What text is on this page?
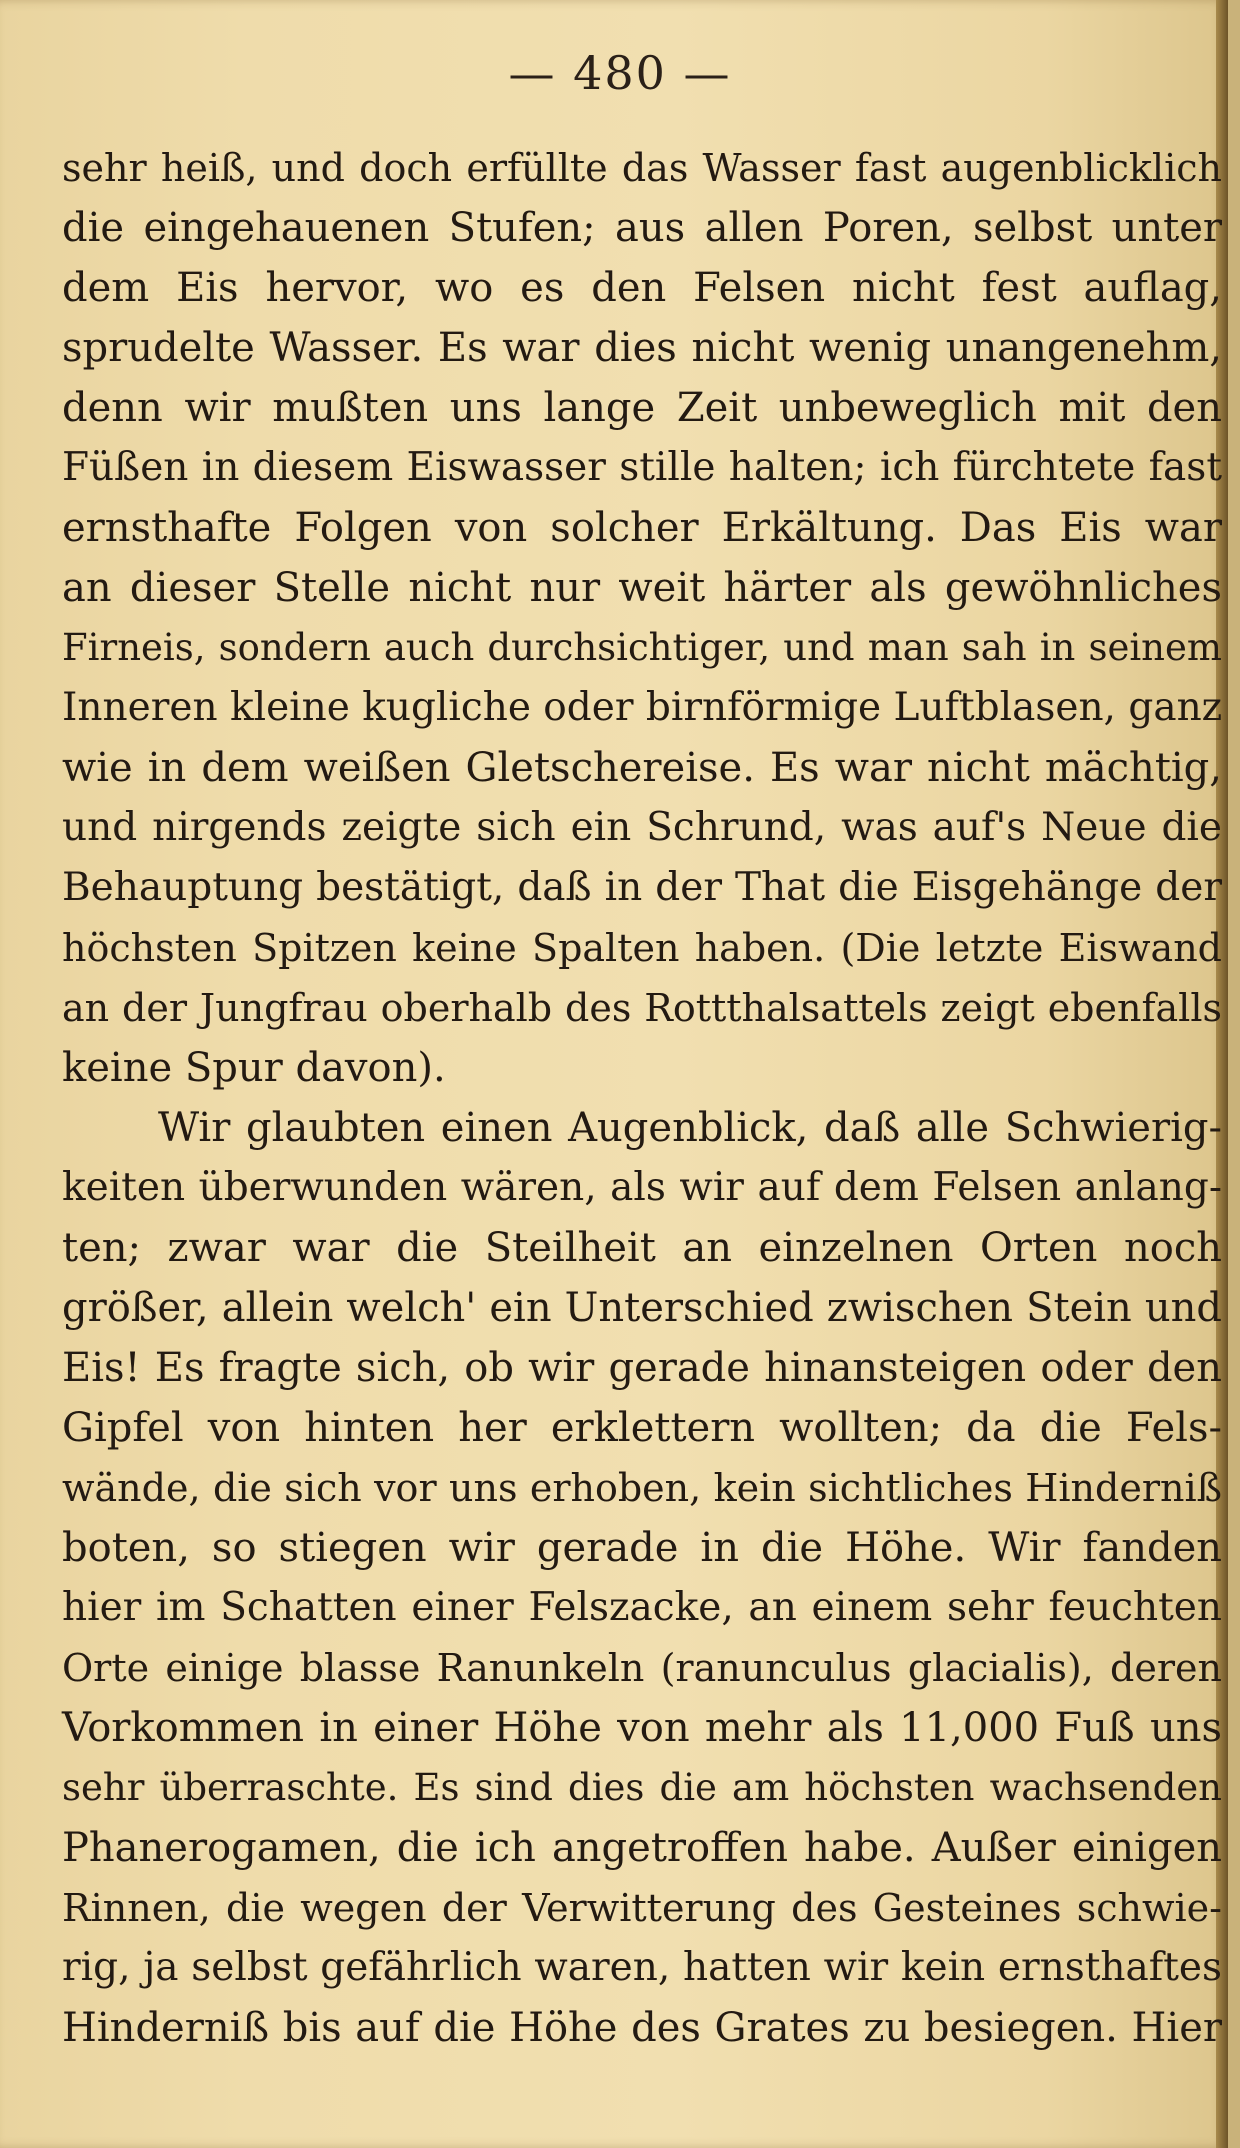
— 480 —
sehr heiß, und doch erfüllte das Wasser fast augenblicklich
die eingehauenen Stufen; aus allen Poren, selbst unter
dem Eis hervor, wo es den Felsen nicht fest auflag,
sprudelte Wasser. Es war dies nicht wenig unangenehm,
denn wir mußten uns lange Zeit unbeweglich mit den
Füßen in diesem Eiswasser stille halten; ich fürchtete fast
ernsthafte Folgen von solcher Erkältung. Das Eis war
an dieser Stelle nicht nur weit härter als gewöhnliches
Firneis, sondern auch durchsichtiger, und man sah in seinem
Inneren kleine kugliche oder birnförmige Luftblasen, ganz
wie in dem weißen Gletschereise. Es war nicht mächtig,
und nirgends zeigte sich ein Schrund, was auf's Neue die
Behauptung bestätigt, daß in der That die Eisgehänge der
höchsten Spitzen keine Spalten haben. (Die letzte Eiswand
an der Jungfrau oberhalb des Rottthalsattels zeigt ebenfalls
keine Spur davon).
Wir glaubten einen Augenblick, daß alle Schwierig-
keiten überwunden wären, als wir auf dem Felsen anlang-
ten; zwar war die Steilheit an einzelnen Orten noch
größer, allein welch' ein Unterschied zwischen Stein und
Eis! Es fragte sich, ob wir gerade hinansteigen oder den
Gipfel von hinten her erklettern wollten; da die Fels-
wände, die sich vor uns erhoben, kein sichtliches Hinderniß
boten, so stiegen wir gerade in die Höhe. Wir fanden
hier im Schatten einer Felszacke, an einem sehr feuchten
Orte einige blasse Ranunkeln (ranunculus glacialis), deren
Vorkommen in einer Höhe von mehr als 11,000 Fuß uns
sehr überraschte. Es sind dies die am höchsten wachsenden
Phanerogamen, die ich angetroffen habe. Außer einigen
Rinnen, die wegen der Verwitterung des Gesteines schwie-
rig, ja selbst gefährlich waren, hatten wir kein ernsthaftes
Hinderniß bis auf die Höhe des Grates zu besiegen. Hier
